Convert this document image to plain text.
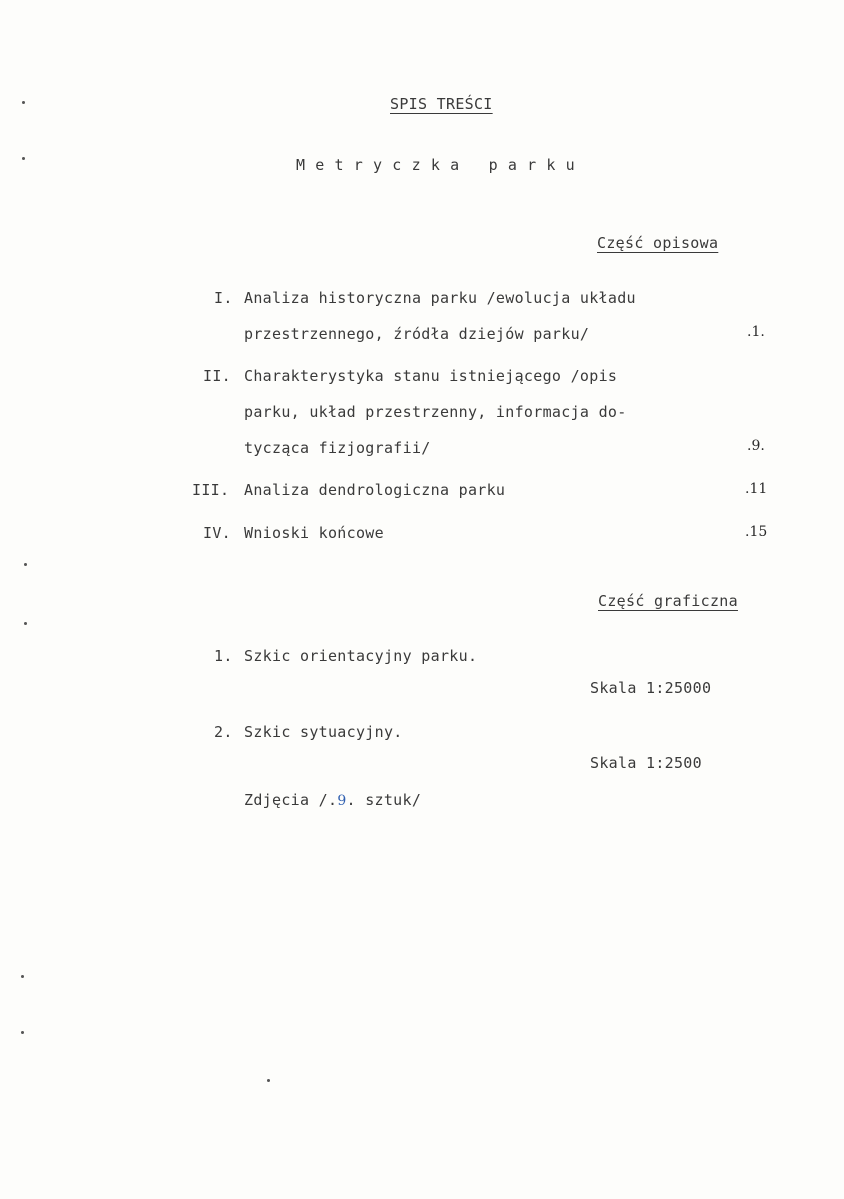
SPIS TREŚCI
M e t r y c z k a   p a r k u
Część opisowa
I. Analiza historyczna parku /ewolucja układu
przestrzennego, źródła dziejów parku/	.1.
II. Charakterystyka stanu istniejącego /opis
parku, układ przestrzenny, informacja do-
tycząca fizjografii/	.9.
III. Analiza dendrologiczna parku	.11
IV. Wnioski końcowe	.15
Część graficzna
1. Szkic orientacyjny parku.
Skala 1:25000
2. Szkic sytuacyjny.
Skala 1:2500
Zdjęcia /.9. sztuk/
